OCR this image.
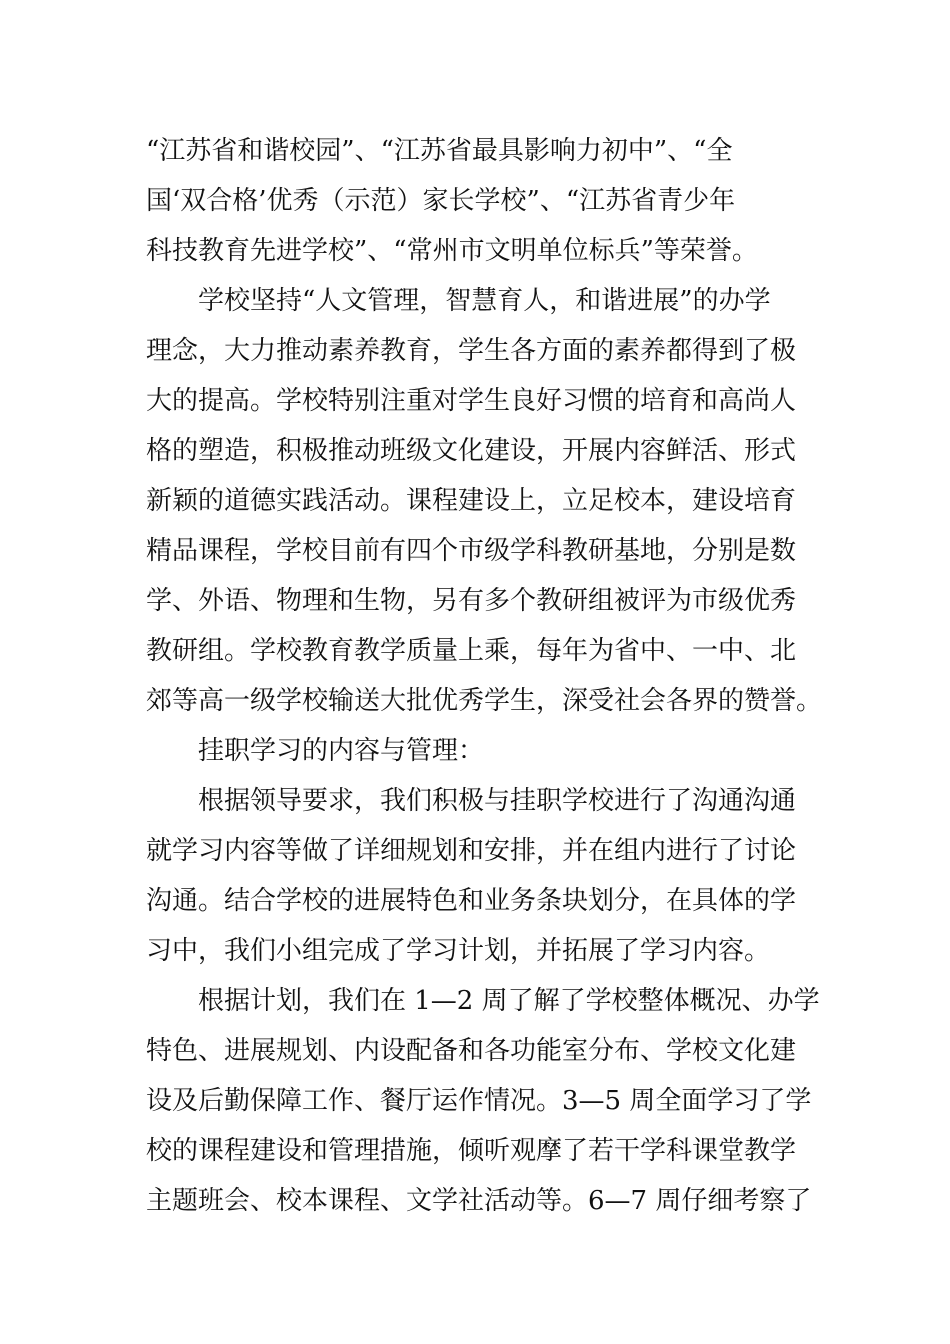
“江苏省和谐校园”、“江苏省最具影响力初中”、“全
国‘双合格’优秀（示范）家长学校”、“江苏省青少年
科技教育先进学校”、“常州市文明单位标兵”等荣誉。
　　学校坚持“人文管理，智慧育人，和谐进展”的办学
理念，大力推动素养教育，学生各方面的素养都得到了极
大的提高。学校特别注重对学生良好习惯的培育和高尚人
格的塑造，积极推动班级文化建设，开展内容鲜活、形式
新颖的道德实践活动。课程建设上，立足校本，建设培育
精品课程，学校目前有四个市级学科教研基地，分别是数
学、外语、物理和生物，另有多个教研组被评为市级优秀
教研组。学校教育教学质量上乘，每年为省中、一中、北
郊等高一级学校输送大批优秀学生，深受社会各界的赞誉。
　　挂职学习的内容与管理：
　　根据领导要求，我们积极与挂职学校进行了沟通沟通
就学习内容等做了详细规划和安排，并在组内进行了讨论
沟通。结合学校的进展特色和业务条块划分，在具体的学
习中，我们小组完成了学习计划，并拓展了学习内容。
　　根据计划，我们在 1—2 周了解了学校整体概况、办学
特色、进展规划、内设配备和各功能室分布、学校文化建
设及后勤保障工作、餐厅运作情况。3—5 周全面学习了学
校的课程建设和管理措施，倾听观摩了若干学科课堂教学
主题班会、校本课程、文学社活动等。6—7 周仔细考察了
